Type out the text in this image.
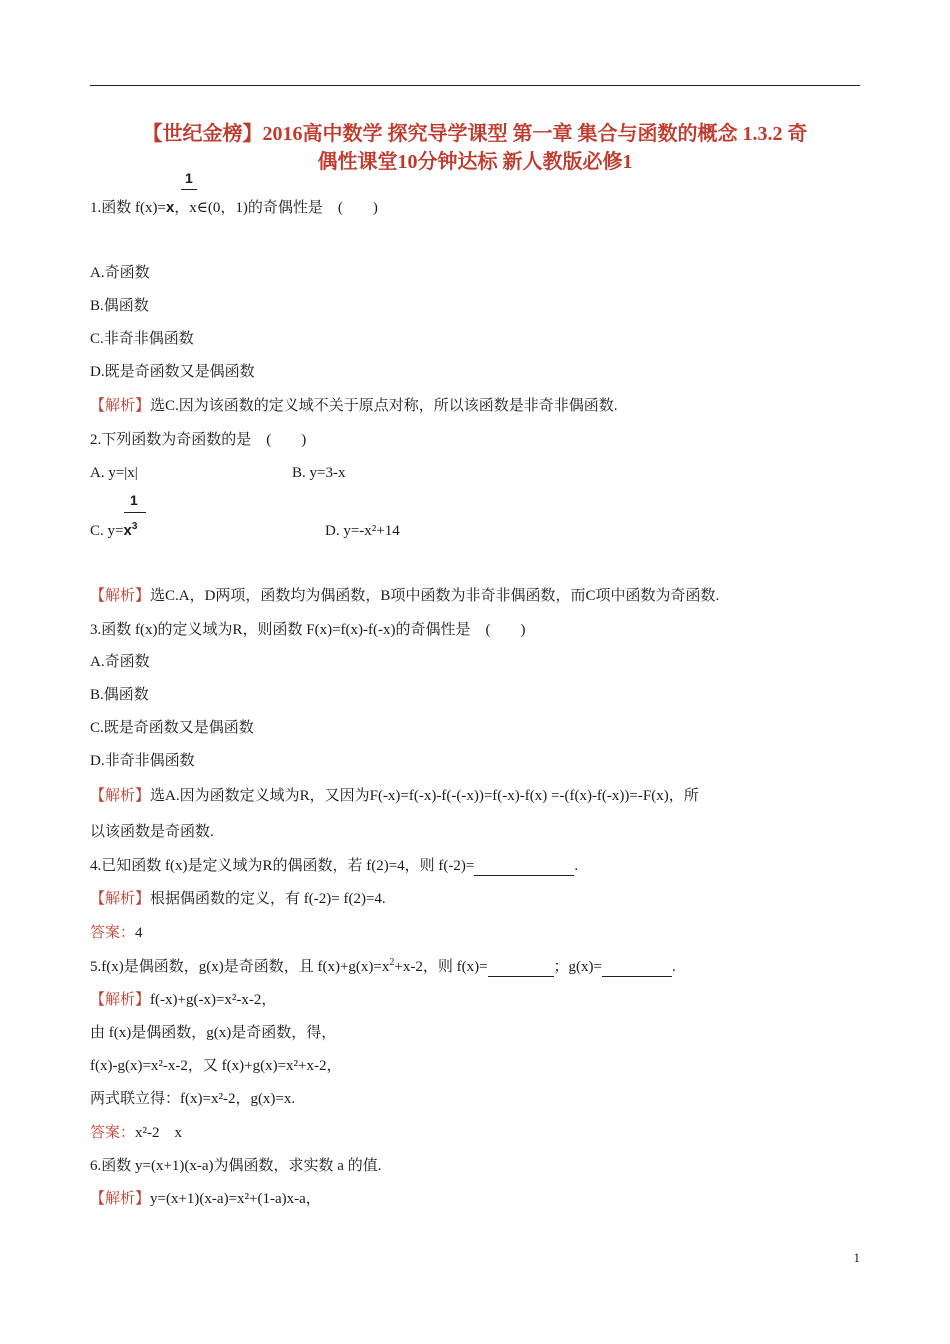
【世纪金榜】2016高中数学 探究导学课型 第一章 集合与函数的概念 1.3.2 奇
偶性课堂10分钟达标 新人教版必修1
1
1.函数 f(x)=x，x∈(0，1)的奇偶性是　(　　)
A.奇函数
B.偶函数
C.非奇非偶函数
D.既是奇函数又是偶函数
【解析】选C.因为该函数的定义域不关于原点对称，所以该函数是非奇非偶函数.
2.下列函数为奇函数的是　(　　)
A. y=|x|	B. y=3-x
1
C. $y=x^3$	D. y=-x²+14
【解析】选C.A，D两项，函数均为偶函数，B项中函数为非奇非偶函数，而C项中函数为奇函数.
3.函数 f(x)的定义域为R，则函数 F(x)=f(x)-f(-x)的奇偶性是　(　　)
A.奇函数
B.偶函数
C.既是奇函数又是偶函数
D.非奇非偶函数
【解析】选A.因为函数定义域为R，又因为F(-x)=f(-x)-f(-(-x))=f(-x)-f(x) =-(f(x)-f(-x))=-F(x)，所
以该函数是奇函数.
4.已知函数 f(x)是定义域为R的偶函数，若 f(2)=4，则 f(-2)=	.
【解析】根据偶函数的定义，有 f(-2)= f(2)=4.
答案：4
5.f(x)是偶函数，g(x)是奇函数，且 $f(x)+g(x)=x^2+x-2$，则 f(x)=	；g(x)=	.
【解析】f(-x)+g(-x)=x²-x-2，
由 f(x)是偶函数，g(x)是奇函数，得，
f(x)-g(x)=x²-x-2，又 f(x)+g(x)=x²+x-2，
两式联立得：f(x)=x²-2，g(x)=x.
答案：x²-2　x
6.函数 y=(x+1)(x-a)为偶函数，求实数 a 的值.
【解析】y=(x+1)(x-a)=x²+(1-a)x-a，
1
